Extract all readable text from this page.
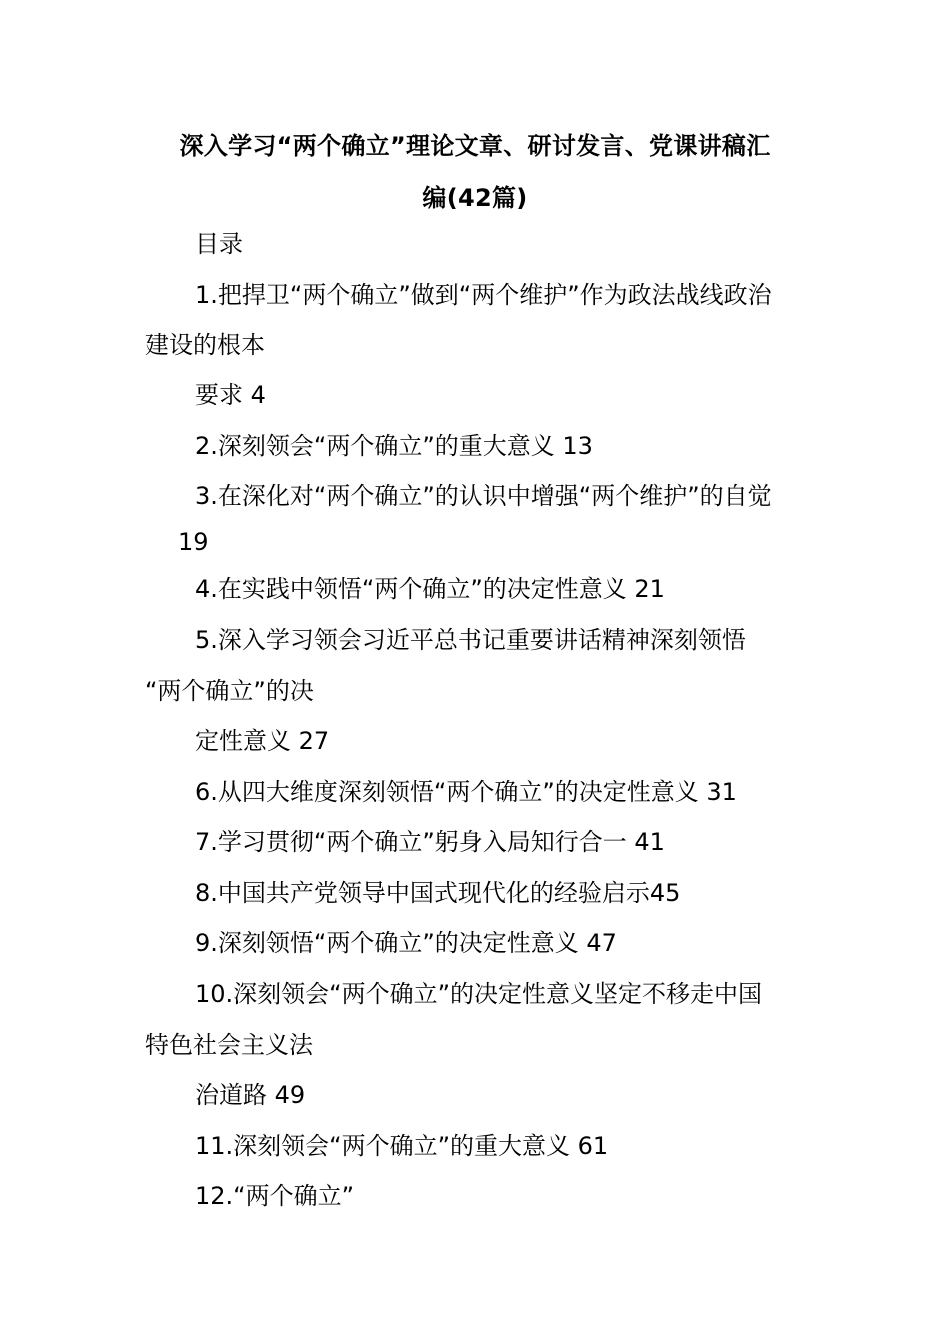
深入学习“两个确立”理论文章、研讨发言、党课讲稿汇
编(42篇)
目录
1.把捍卫“两个确立”做到“两个维护”作为政法战线政治
建设的根本
要求 4
2.深刻领会“两个确立”的重大意义 13
3.在深化对“两个确立”的认识中增强“两个维护”的自觉
19
4.在实践中领悟“两个确立”的决定性意义 21
5.深入学习领会习近平总书记重要讲话精神深刻领悟
“两个确立”的决
定性意义 27
6.从四大维度深刻领悟“两个确立”的决定性意义 31
7.学习贯彻“两个确立”躬身入局知行合一 41
8.中国共产党领导中国式现代化的经验启示45
9.深刻领悟“两个确立”的决定性意义 47
10.深刻领会“两个确立”的决定性意义坚定不移走中国
特色社会主义法
治道路 49
11.深刻领会“两个确立”的重大意义 61
12.“两个确立”
